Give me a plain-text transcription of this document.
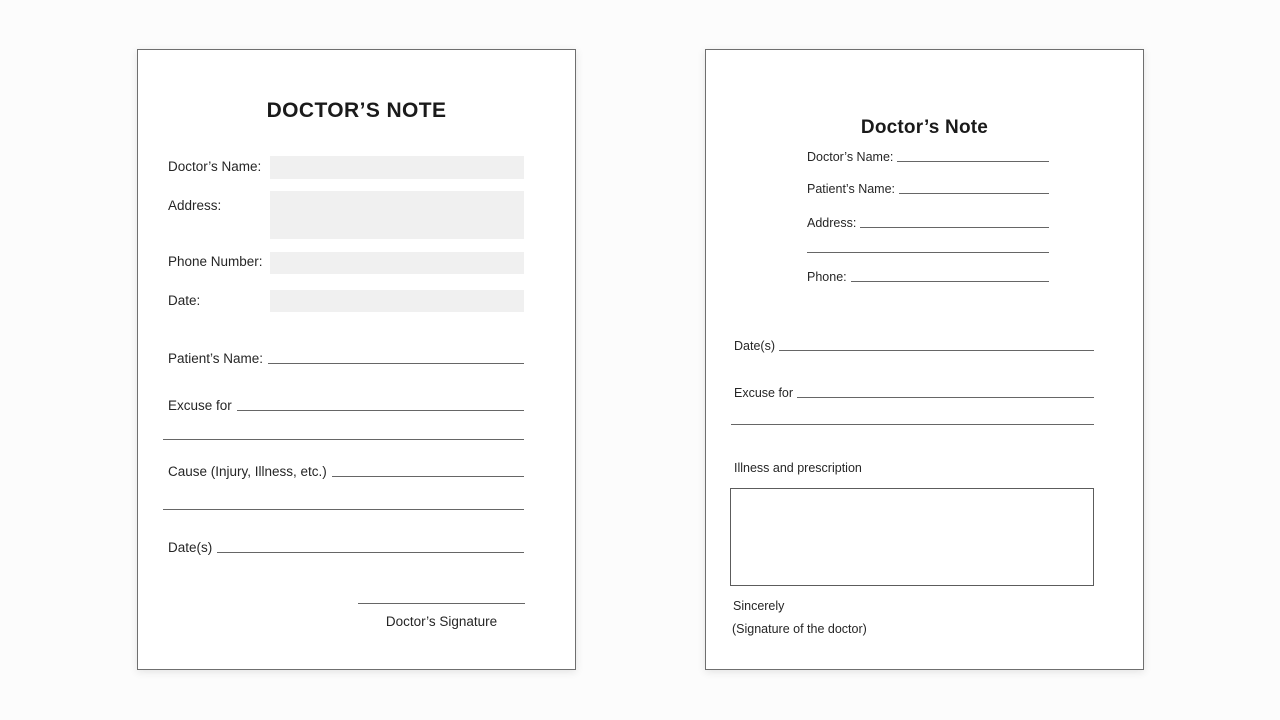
DOCTOR’S NOTE
Doctor’s Name:
Address:
Phone Number:
Date:
Patient’s Name:
Excuse for
Cause (Injury, Illness, etc.)
Date(s)
Doctor’s Signature
Doctor’s Note
Doctor’s Name:
Patient’s Name:
Address:
Phone:
Date(s)
Excuse for
Illness and prescription
Sincerely
(Signature of the doctor)
